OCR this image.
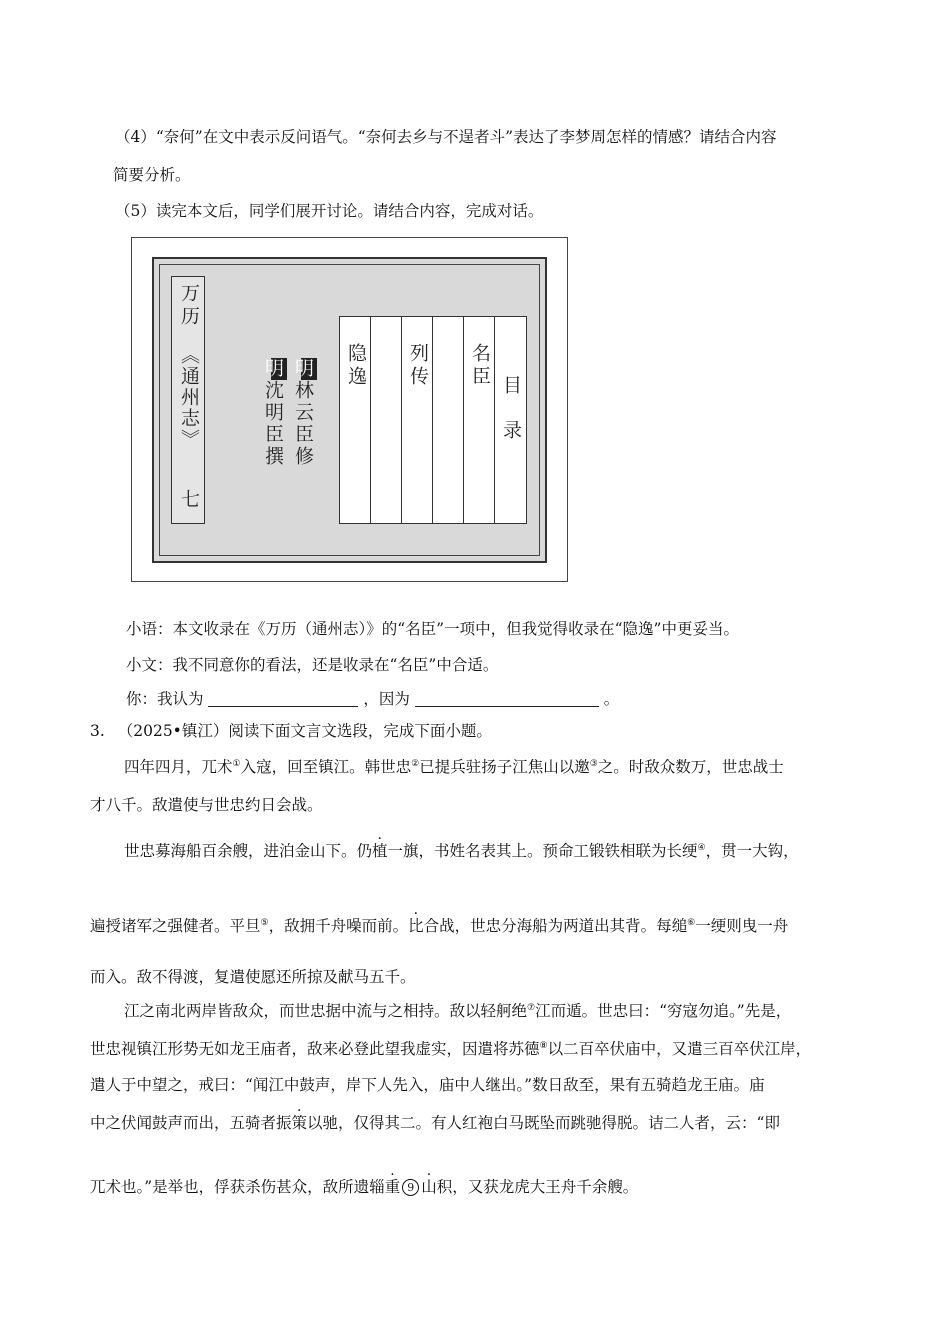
（4）“奈何”在文中表示反问语气。“奈何去乡与不逞者斗”表达了李梦周怎样的情感？请结合内容
简要分析。
（5）读完本文后，同学们展开讨论。请结合内容，完成对话。
万历
《通州志》
七
明林云臣修
明沈明臣撰
隐逸 列传 名臣
目录
小语：本文收录在《万历（通州志）》的“名臣”一项中，但我觉得收录在“隐逸”中更妥当。
小文：我不同意你的看法，还是收录在“名臣”中合适。
你：我认为	，因为	。
3. （2025•镇江）阅读下面文言文选段，完成下面小题。
四年四月，兀术①入寇，回至镇江。韩世忠②已提兵驻扬子江焦山以邀③之。时敌众数万，世忠战士
才八千。敌遣使与世忠约日会战。
世忠募海船百余艘，进泊金山下。仍植一旗，书姓名表其上。预命工锻铁相联为长绠④，贯一大钩，
遍授诸军之强健者。平旦⑤，敌拥千舟噪而前。比合战，世忠分海船为两道出其背。每缒⑥一绠则曳一舟
而入。敌不得渡，复遣使愿还所掠及献马五千。
江之南北两岸皆敌众，而世忠据中流与之相持。敌以轻舸绝⑦江而遁。世忠曰：“穷寇勿追。”先是，
世忠视镇江形势无如龙王庙者，敌来必登此望我虚实，因遣将苏德⑧以二百卒伏庙中，又遣三百卒伏江岸，
遣人于中望之，戒曰：“闻江中鼓声，岸下人先入，庙中人继出。”数日敌至，果有五骑趋龙王庙。庙
中之伏闻鼓声而出，五骑者振策以驰，仅得其二。有人红袍白马既坠而跳驰得脱。诘二人者，云：“即
兀术也。”是举也，俘获杀伤甚众，敌所遗辎重 9 山积，又获龙虎大王舟千余艘。
